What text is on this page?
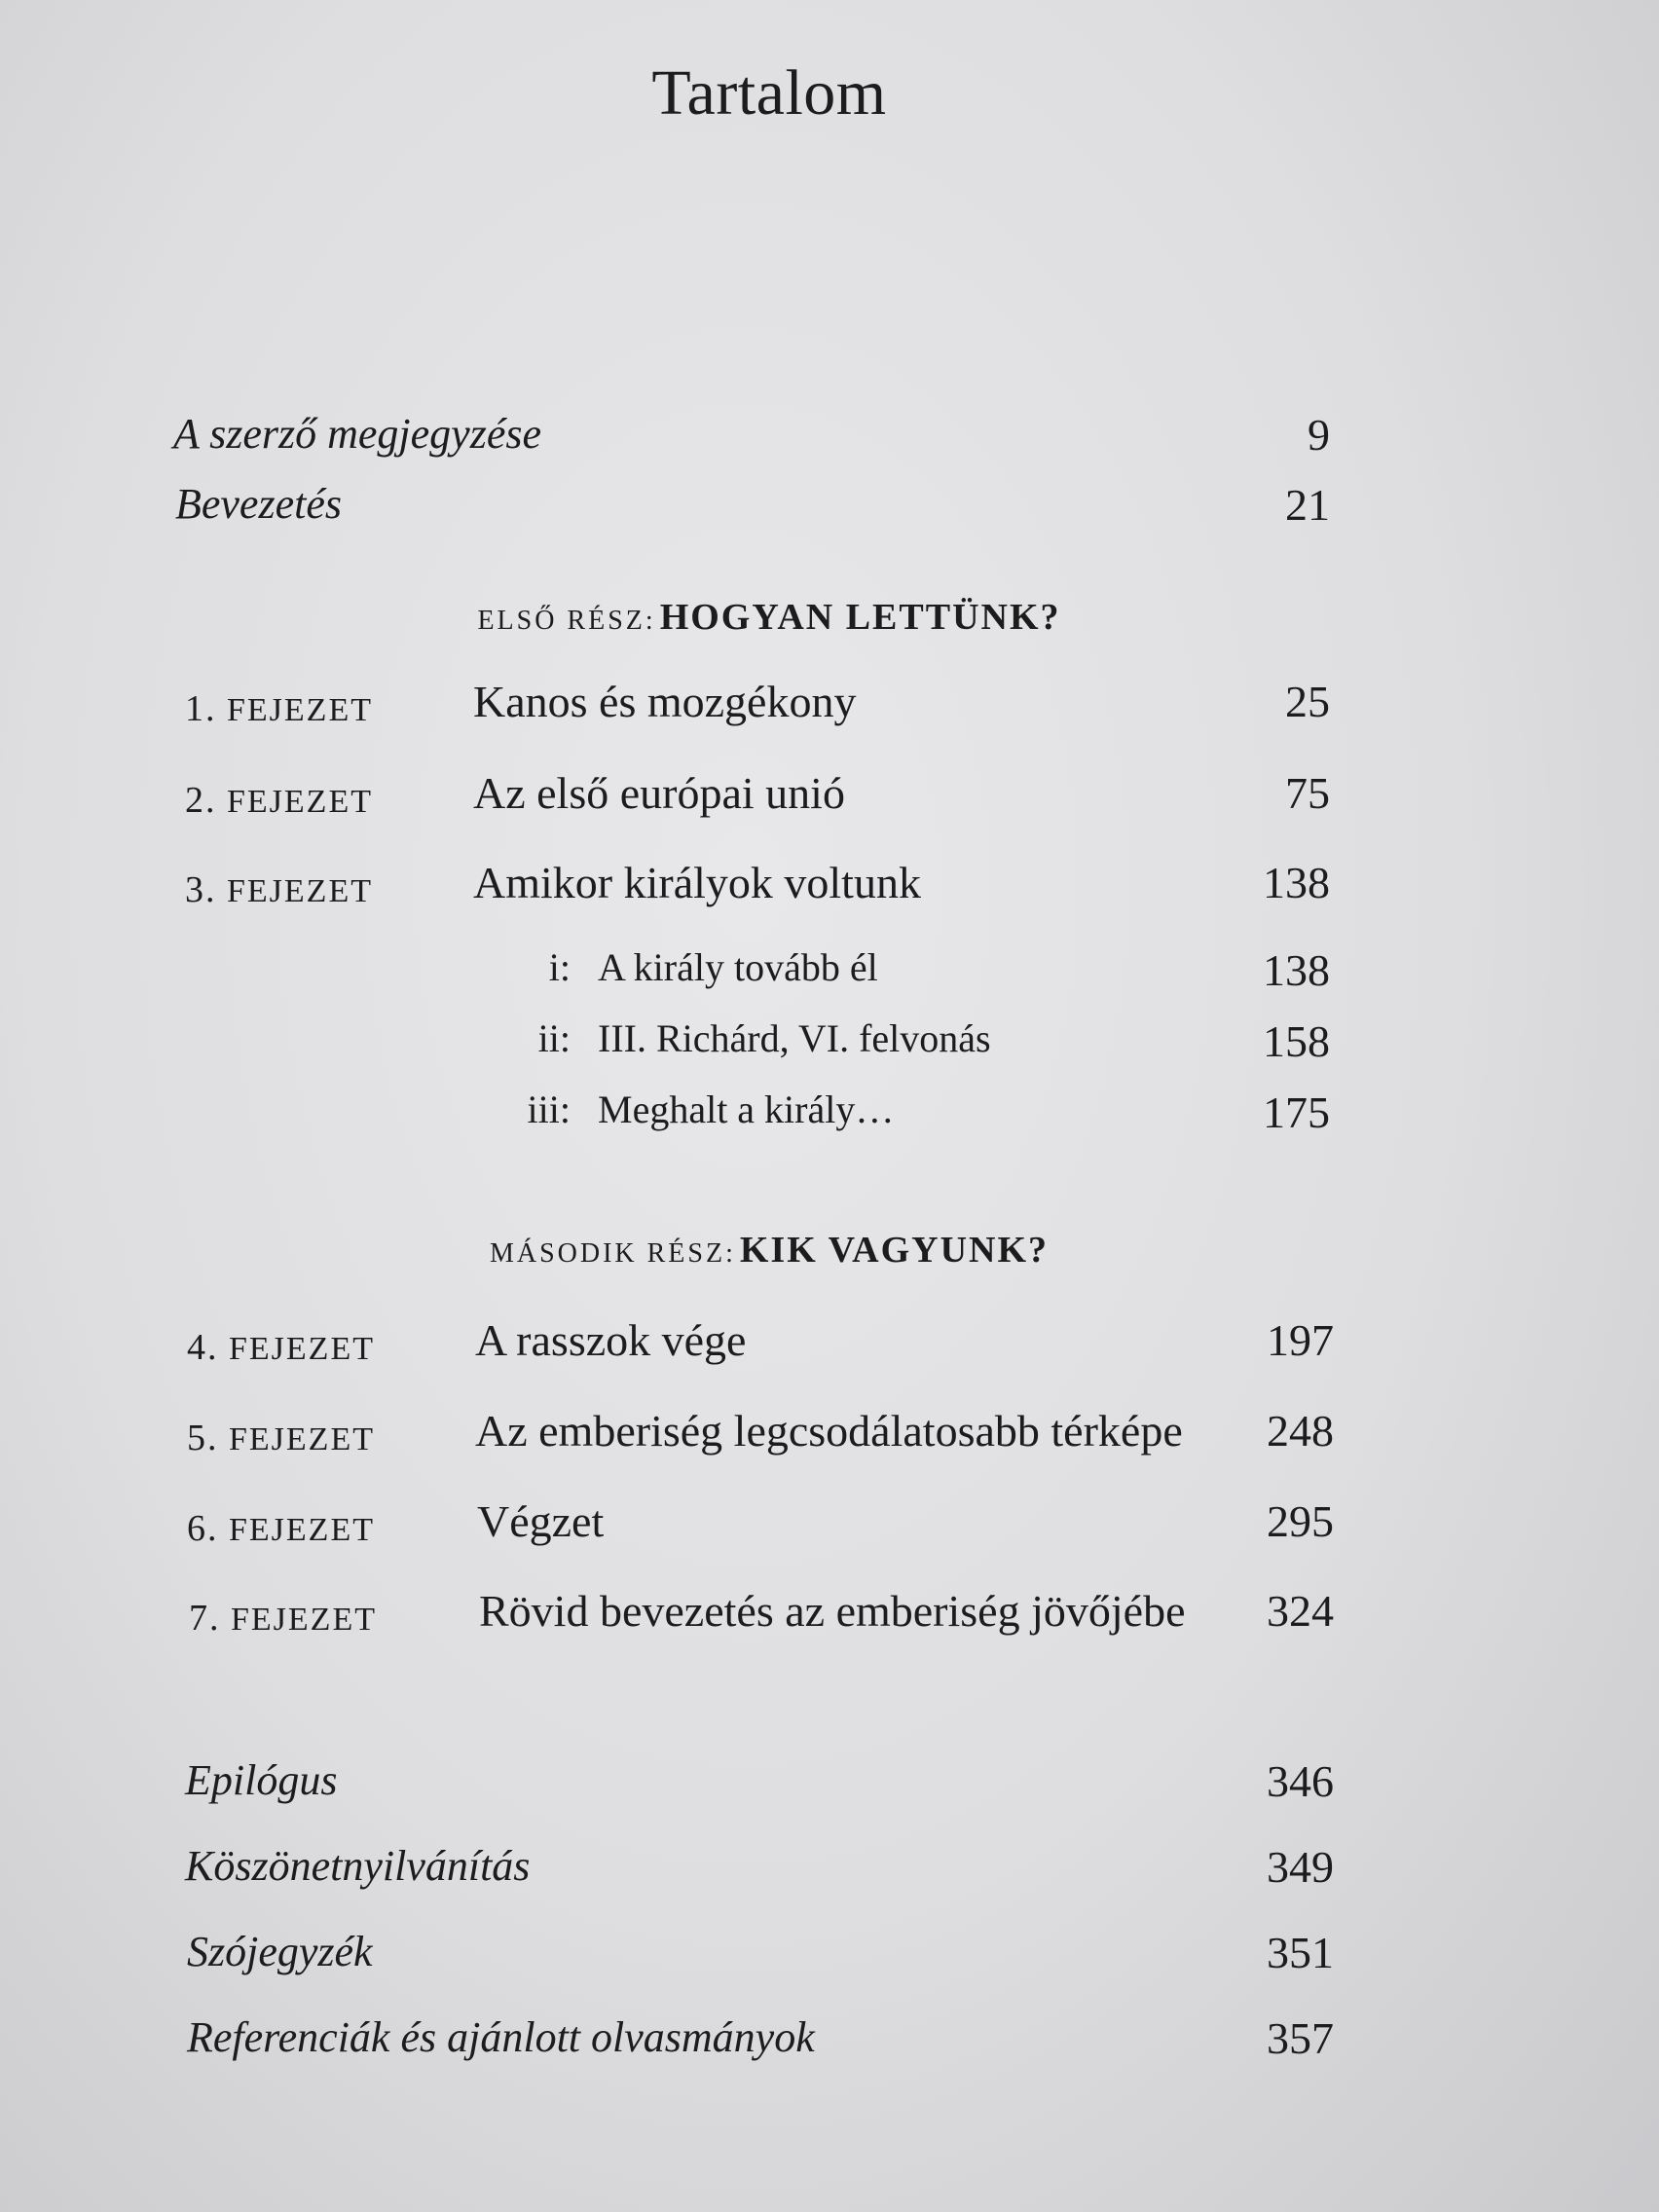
Tartalom
A szerző megjegyzése	9
Bevezetés	21
ELSŐ RÉSZ: HOGYAN LETTÜNK?
1. FEJEZET Kanos és mozgékony	25
2. FEJEZET Az első európai unió	75
3. FEJEZET Amikor királyok voltunk	138
i: A király tovább él	138
ii: III. Richárd, VI. felvonás	158
iii: Meghalt a király…	175
MÁSODIK RÉSZ: KIK VAGYUNK?
4. FEJEZET A rasszok vége	197
5. FEJEZET Az emberiség legcsodálatosabb térképe	248
6. FEJEZET Végzet	295
7. FEJEZET Rövid bevezetés az emberiség jövőjébe	324
Epilógus	346
Köszönetnyilvánítás	349
Szójegyzék	351
Referenciák és ajánlott olvasmányok	357
